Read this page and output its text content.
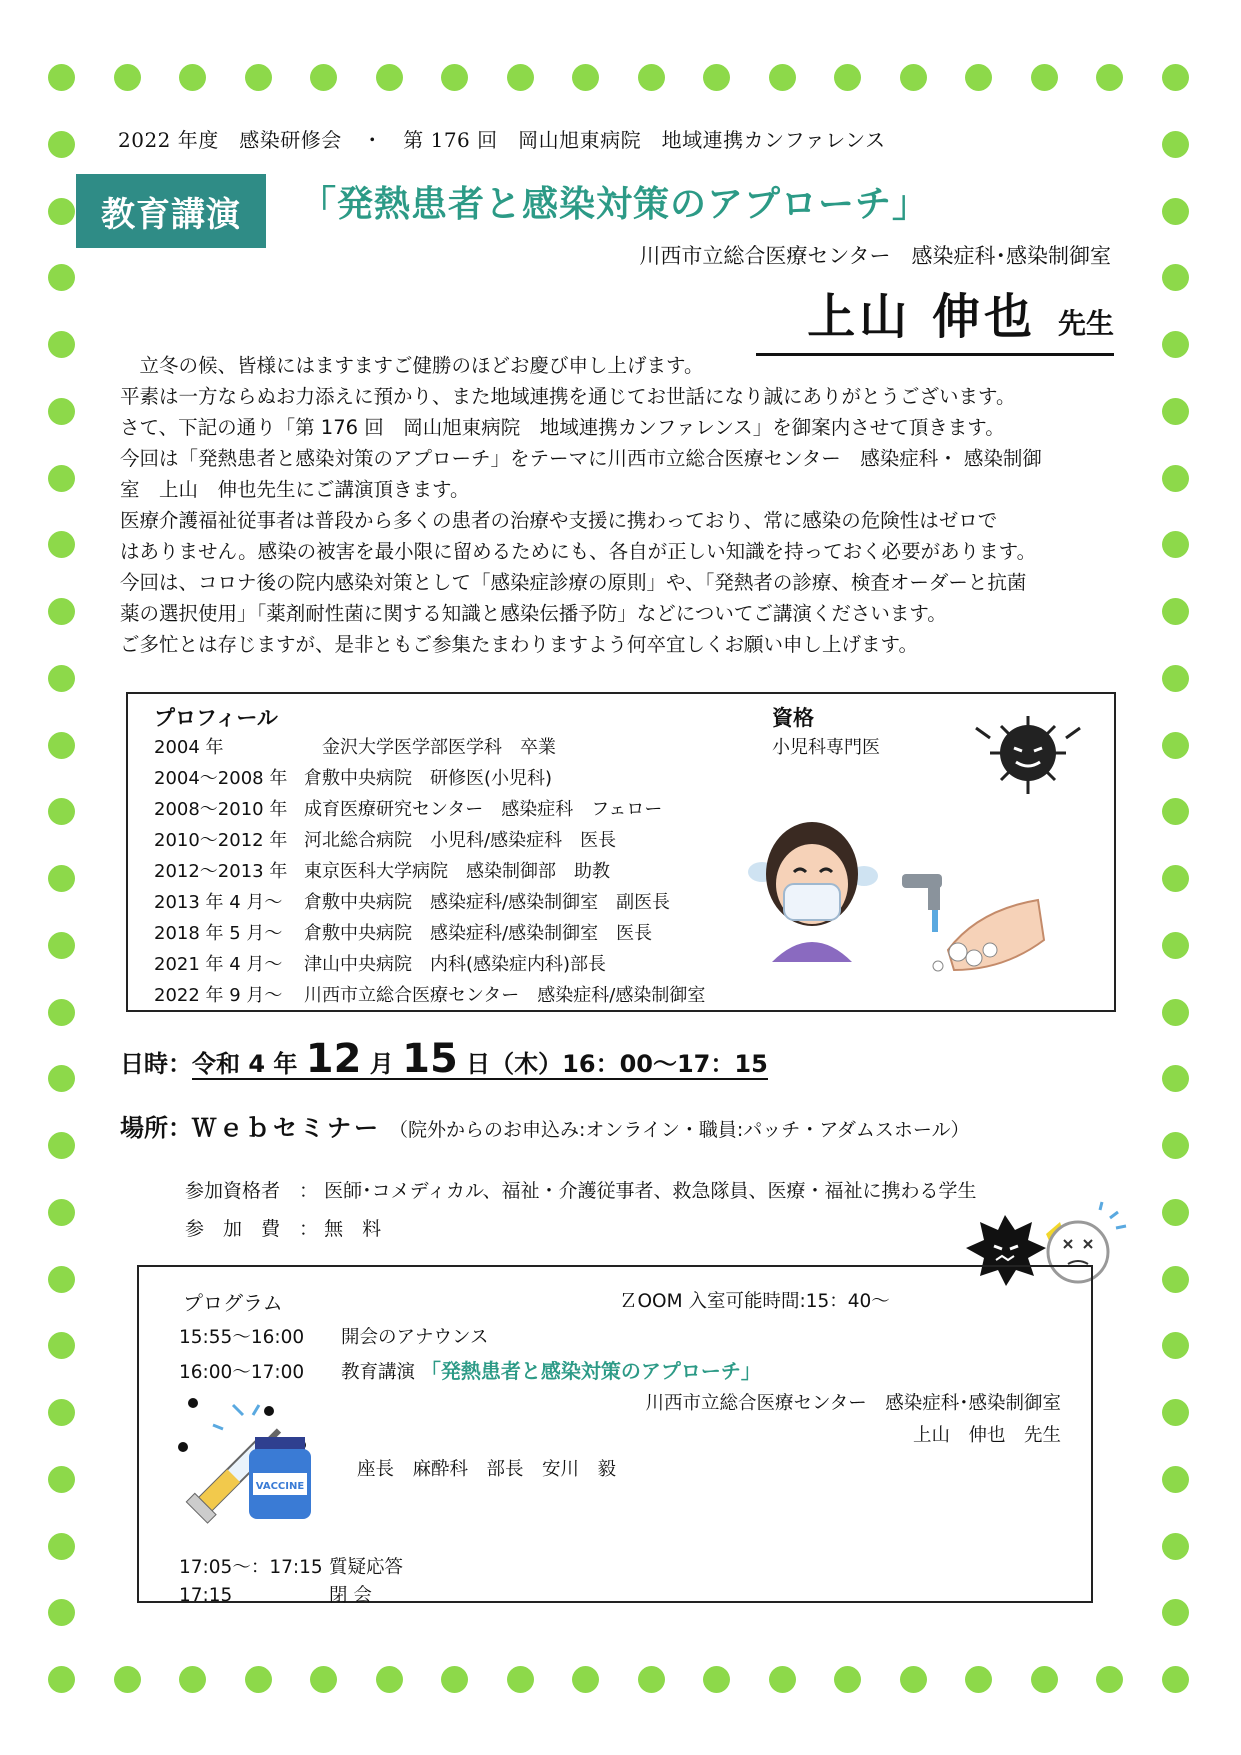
2022 年度　感染研修会　・　第 176 回　岡山旭東病院　地域連携カンファレンス
教育講演	「発熱患者と感染対策のアプローチ」
川西市立総合医療センター　感染症科･感染制御室
上山 伸也 先生

　立冬の候、皆様にはますますご健勝のほどお慶び申し上げます。

平素は一方ならぬお力添えに預かり、また地域連携を通じてお世話になり誠にありがとうございます。

さて、下記の通り「第 176 回　岡山旭東病院　地域連携カンファレンス」を御案内させて頂きます。

今回は「発熱患者と感染対策のアプローチ」をテーマに川西市立総合医療センター　感染症科・ 感染制御

室　上山　伸也先生にご講演頂きます。

医療介護福祉従事者は普段から多くの患者の治療や支援に携わっており、常に感染の危険性はゼロで

はありません。感染の被害を最小限に留めるためにも、各自が正しい知識を持っておく必要があります。

今回は、コロナ後の院内感染対策として「感染症診療の原則」や、「発熱者の診療、検査オーダーと抗菌

薬の選択使用」「薬剤耐性菌に関する知識と感染伝播予防」などについてご講演くださいます。

ご多忙とは存じますが、是非ともご参集たまわりますよう何卒宜しくお願い申し上げます。

プロフィール	資格
小児科専門医
2004 年	　金沢大学医学部医学科　卒業
2004～2008 年 倉敷中央病院　研修医(小児科)
2008～2010 年 成育医療研究センター　感染症科　フェロー
2010～2012 年 河北総合病院　小児科/感染症科　医長
2012～2013 年 東京医科大学病院　感染制御部　助教
2013 年 4 月～ 倉敷中央病院　感染症科/感染制御室　副医長
2018 年 5 月～ 倉敷中央病院　感染症科/感染制御室　医長
2021 年 4 月～ 津山中央病院　内科(感染症内科)部長
2022 年 9 月～ 川西市立総合医療センター　感染症科/感染制御室
日時：令和 4 年 12 月 15 日（木）16：00～17：15
場所：Ｗｅｂセミナー （院外からのお申込み:オンライン・職員:パッチ・アダムスホール）
参加資格者　： 医師･コメディカル、福祉・介護従事者、救急隊員、医療・福祉に携わる学生
参　加　費　： 無　料
プログラム	ＺOOM 入室可能時間:15：40～
15:55～16:00 開会のアナウンス
16:00～17:00 教育講演 「発熱患者と感染対策のアプローチ」
川西市立総合医療センター　感染症科･感染制御室
上山　伸也　先生
座長　麻酔科　部長　安川　毅
VACCINE
17:05～：17:15 質疑応答
17:15	閉 会
